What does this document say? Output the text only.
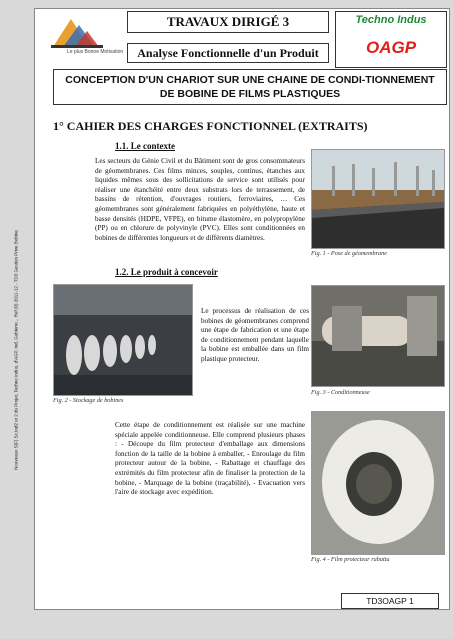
Nouveaux S(F) Sc.Ind2 et 2 du Projet, Techno Indus, d'AGP, Ind. Gobierre... Ref (0) 2011-12 - TD3 Gestion Prive Bobine
Le plus Bonne Motivation
TRAVAUX DIRIGÉ 3
Analyse Fonctionnelle d'un Produit
Techno Indus
OAGP
CONCEPTION D'UN CHARIOT SUR UNE CHAINE DE CONDI-TIONNEMENT DE BOBINE DE FILMS PLASTIQUES
1° CAHIER DES CHARGES FONCTIONNEL (EXTRAITS)
1.1. Le contexte
Les secteurs du Génie Civil et du Bâtiment sont de gros consommateurs de géomembranes. Ces films minces, souples, continus, étanches aux liquides mêmes sous des sollicitations de service sont utilisés pour réaliser une étanchéité entre deux substrats lors de terrassement, de bassins de rétention, d'ouvrages routiers, ferroviaires, … Ces géomembranes sont généralement fabriquées en polyéthylène, haute et basse densités (HDPE, VFPE), en bitume élastomère, en polypropylène (PP) ou en chlorure de polyvinyle (PVC). Elles sont conditionnées en bobines de différentes longueurs et de différents diamètres.
Fig. 1 - Pose de géomembrane
1.2. Le produit à concevoir
Fig. 2 - Stockage de bobines
Le processus de réalisation de ces bobines de géomembranes comprend une étape de fabrication et une étape de conditionnement pendant laquelle la bobine est emballée dans un film plastique protecteur.
Fig. 3 - Conditionneuse
Cette étape de conditionnement est réalisée sur une machine spéciale appelée conditionneuse. Elle comprend plusieurs phases : - Découpe du film protecteur d'emballage aux dimensions fonction de la taille de la bobine à emballer, - Enroulage du film protecteur autour de la bobine, - Rabattage et chauffage des extrémités du film protecteur afin de finaliser la protection de la bobine, - Marquage de la bobine (traçabilité), - Evacuation vers l'aire de stockage avec expédition.
Fig. 4 - Film protecteur rabattu
TD3OAGP 1
